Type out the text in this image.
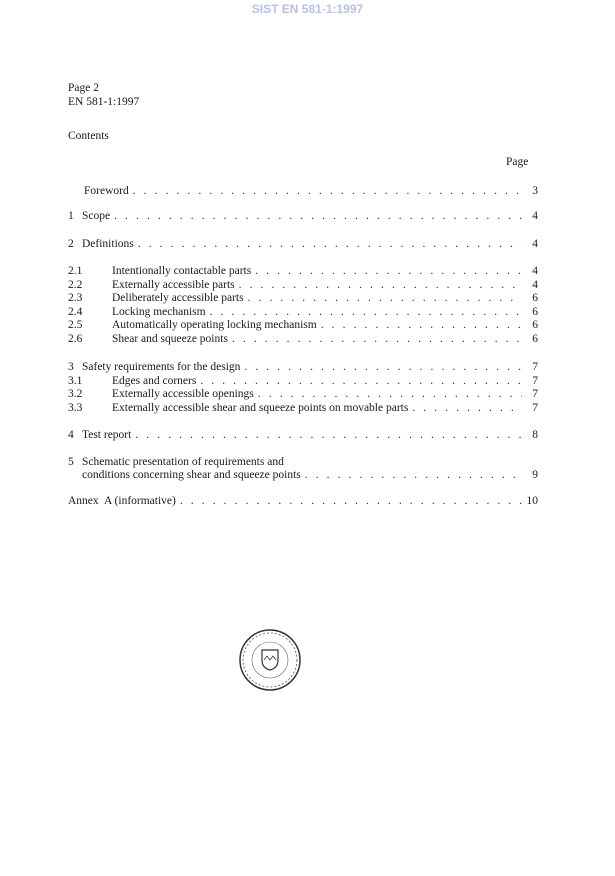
SIST EN 581-1:1997
Page 2
EN 581-1:1997
Contents
Page
Foreword . . .	3
1 Scope . . .	4
2 Definitions . . .	4
2.1	Intentionally contactable parts . . .	4
2.2	Externally accessible parts . . .	4
2.3	Deliberately accessible parts . . .	6
2.4	Locking mechanism . . .	6
2.5	Automatically operating locking mechanism . . .	6
2.6	Shear and squeeze points . . .	6
3 Safety requirements for the design . . .	7
3.1	Edges and corners . . .	7
3.2	Externally accessible openings . . .	7
3.3	Externally accessible shear and squeeze points on movable parts . . .	7
4 Test report . . .	8
5 Schematic presentation of requirements and
conditions concerning shear and squeeze points . . .	9
Annex A (informative) . . .	10
